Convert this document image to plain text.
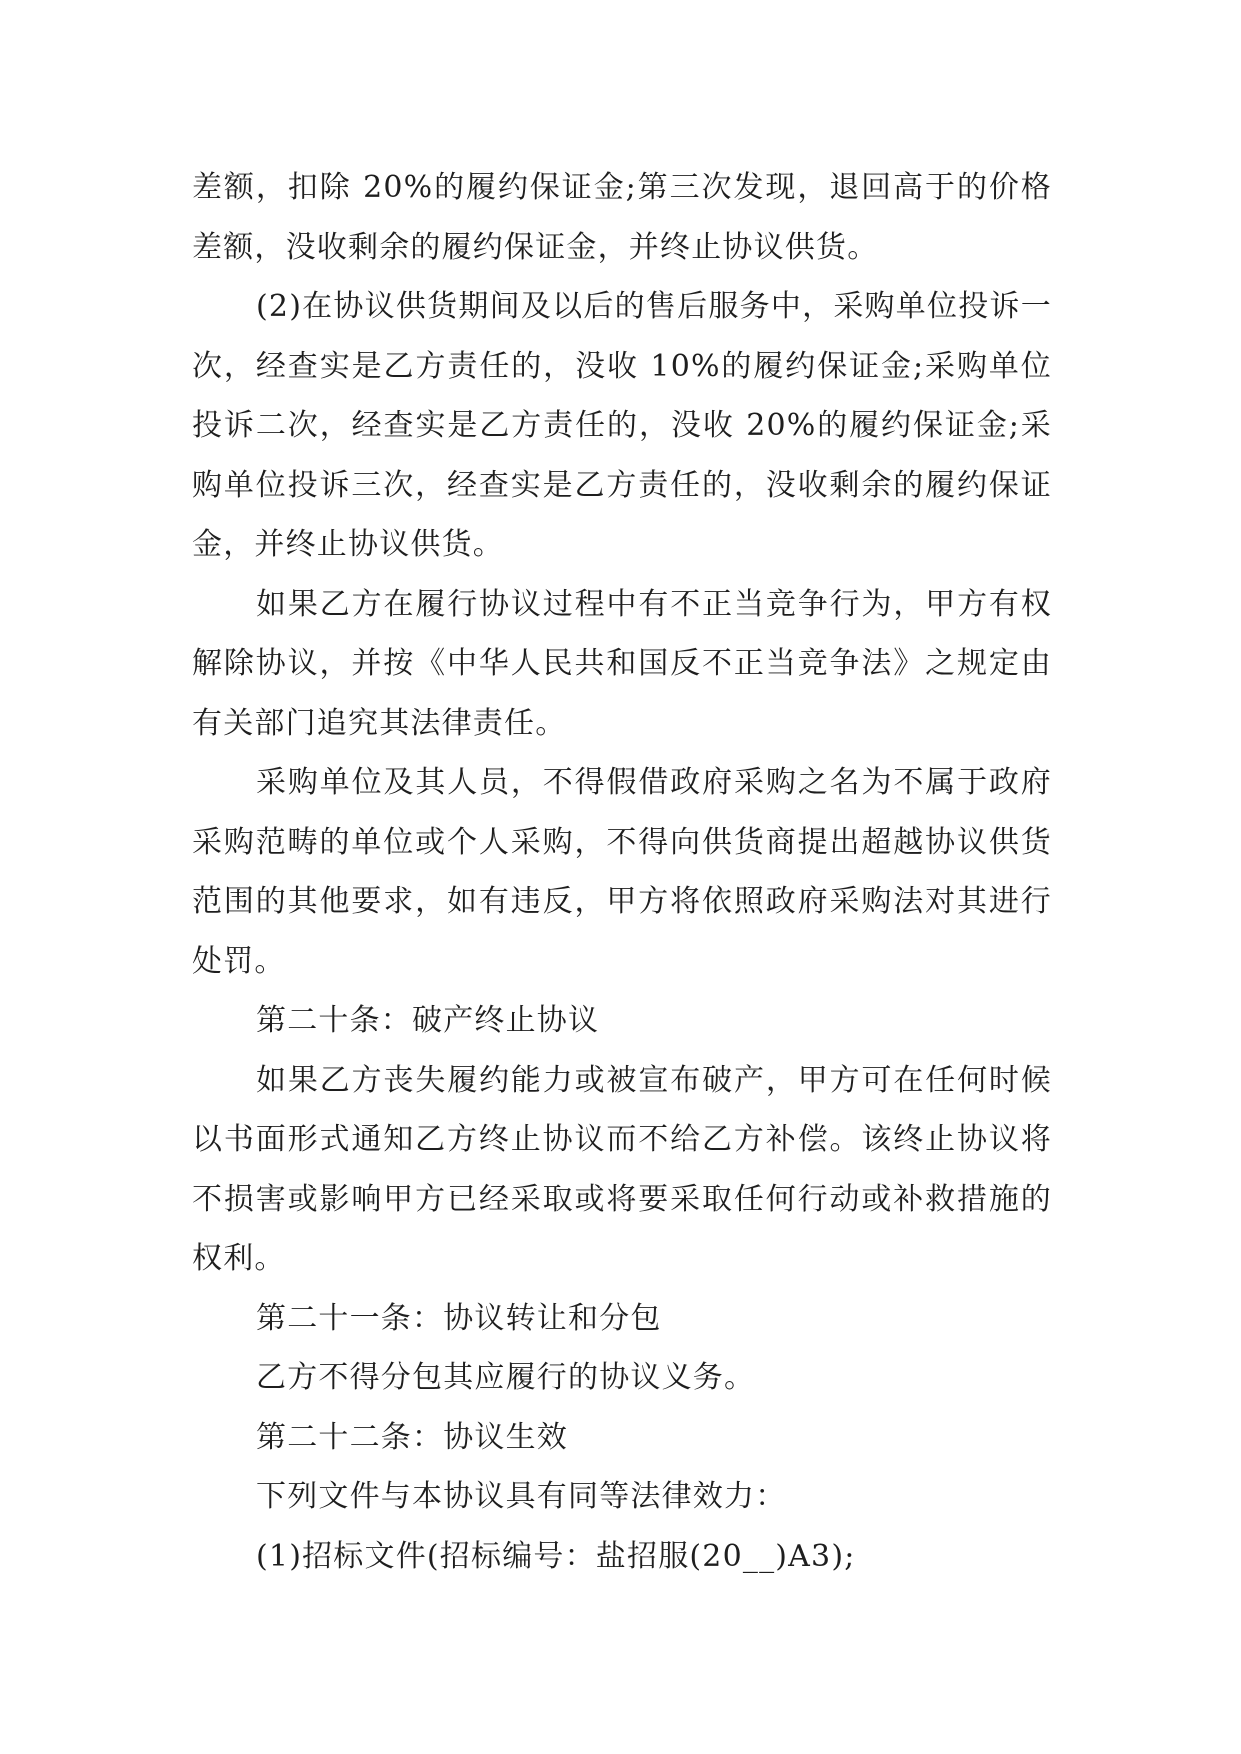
差额，扣除 20%的履约保证金;第三次发现，退回高于的价格差额，没收剩余的履约保证金，并终止协议供货。

(2)在协议供货期间及以后的售后服务中，采购单位投诉一次，经查实是乙方责任的，没收 10%的履约保证金;采购单位投诉二次，经查实是乙方责任的，没收 20%的履约保证金;采购单位投诉三次，经查实是乙方责任的，没收剩余的履约保证金，并终止协议供货。

如果乙方在履行协议过程中有不正当竞争行为，甲方有权解除协议，并按《中华人民共和国反不正当竞争法》之规定由有关部门追究其法律责任。

采购单位及其人员，不得假借政府采购之名为不属于政府采购范畴的单位或个人采购，不得向供货商提出超越协议供货范围的其他要求，如有违反，甲方将依照政府采购法对其进行处罚。

第二十条：破产终止协议

如果乙方丧失履约能力或被宣布破产，甲方可在任何时候以书面形式通知乙方终止协议而不给乙方补偿。该终止协议将不损害或影响甲方已经采取或将要采取任何行动或补救措施的权利。

第二十一条：协议转让和分包

乙方不得分包其应履行的协议义务。

第二十二条：协议生效

下列文件与本协议具有同等法律效力：

(1)招标文件(招标编号：盐招服(20__)A3);
